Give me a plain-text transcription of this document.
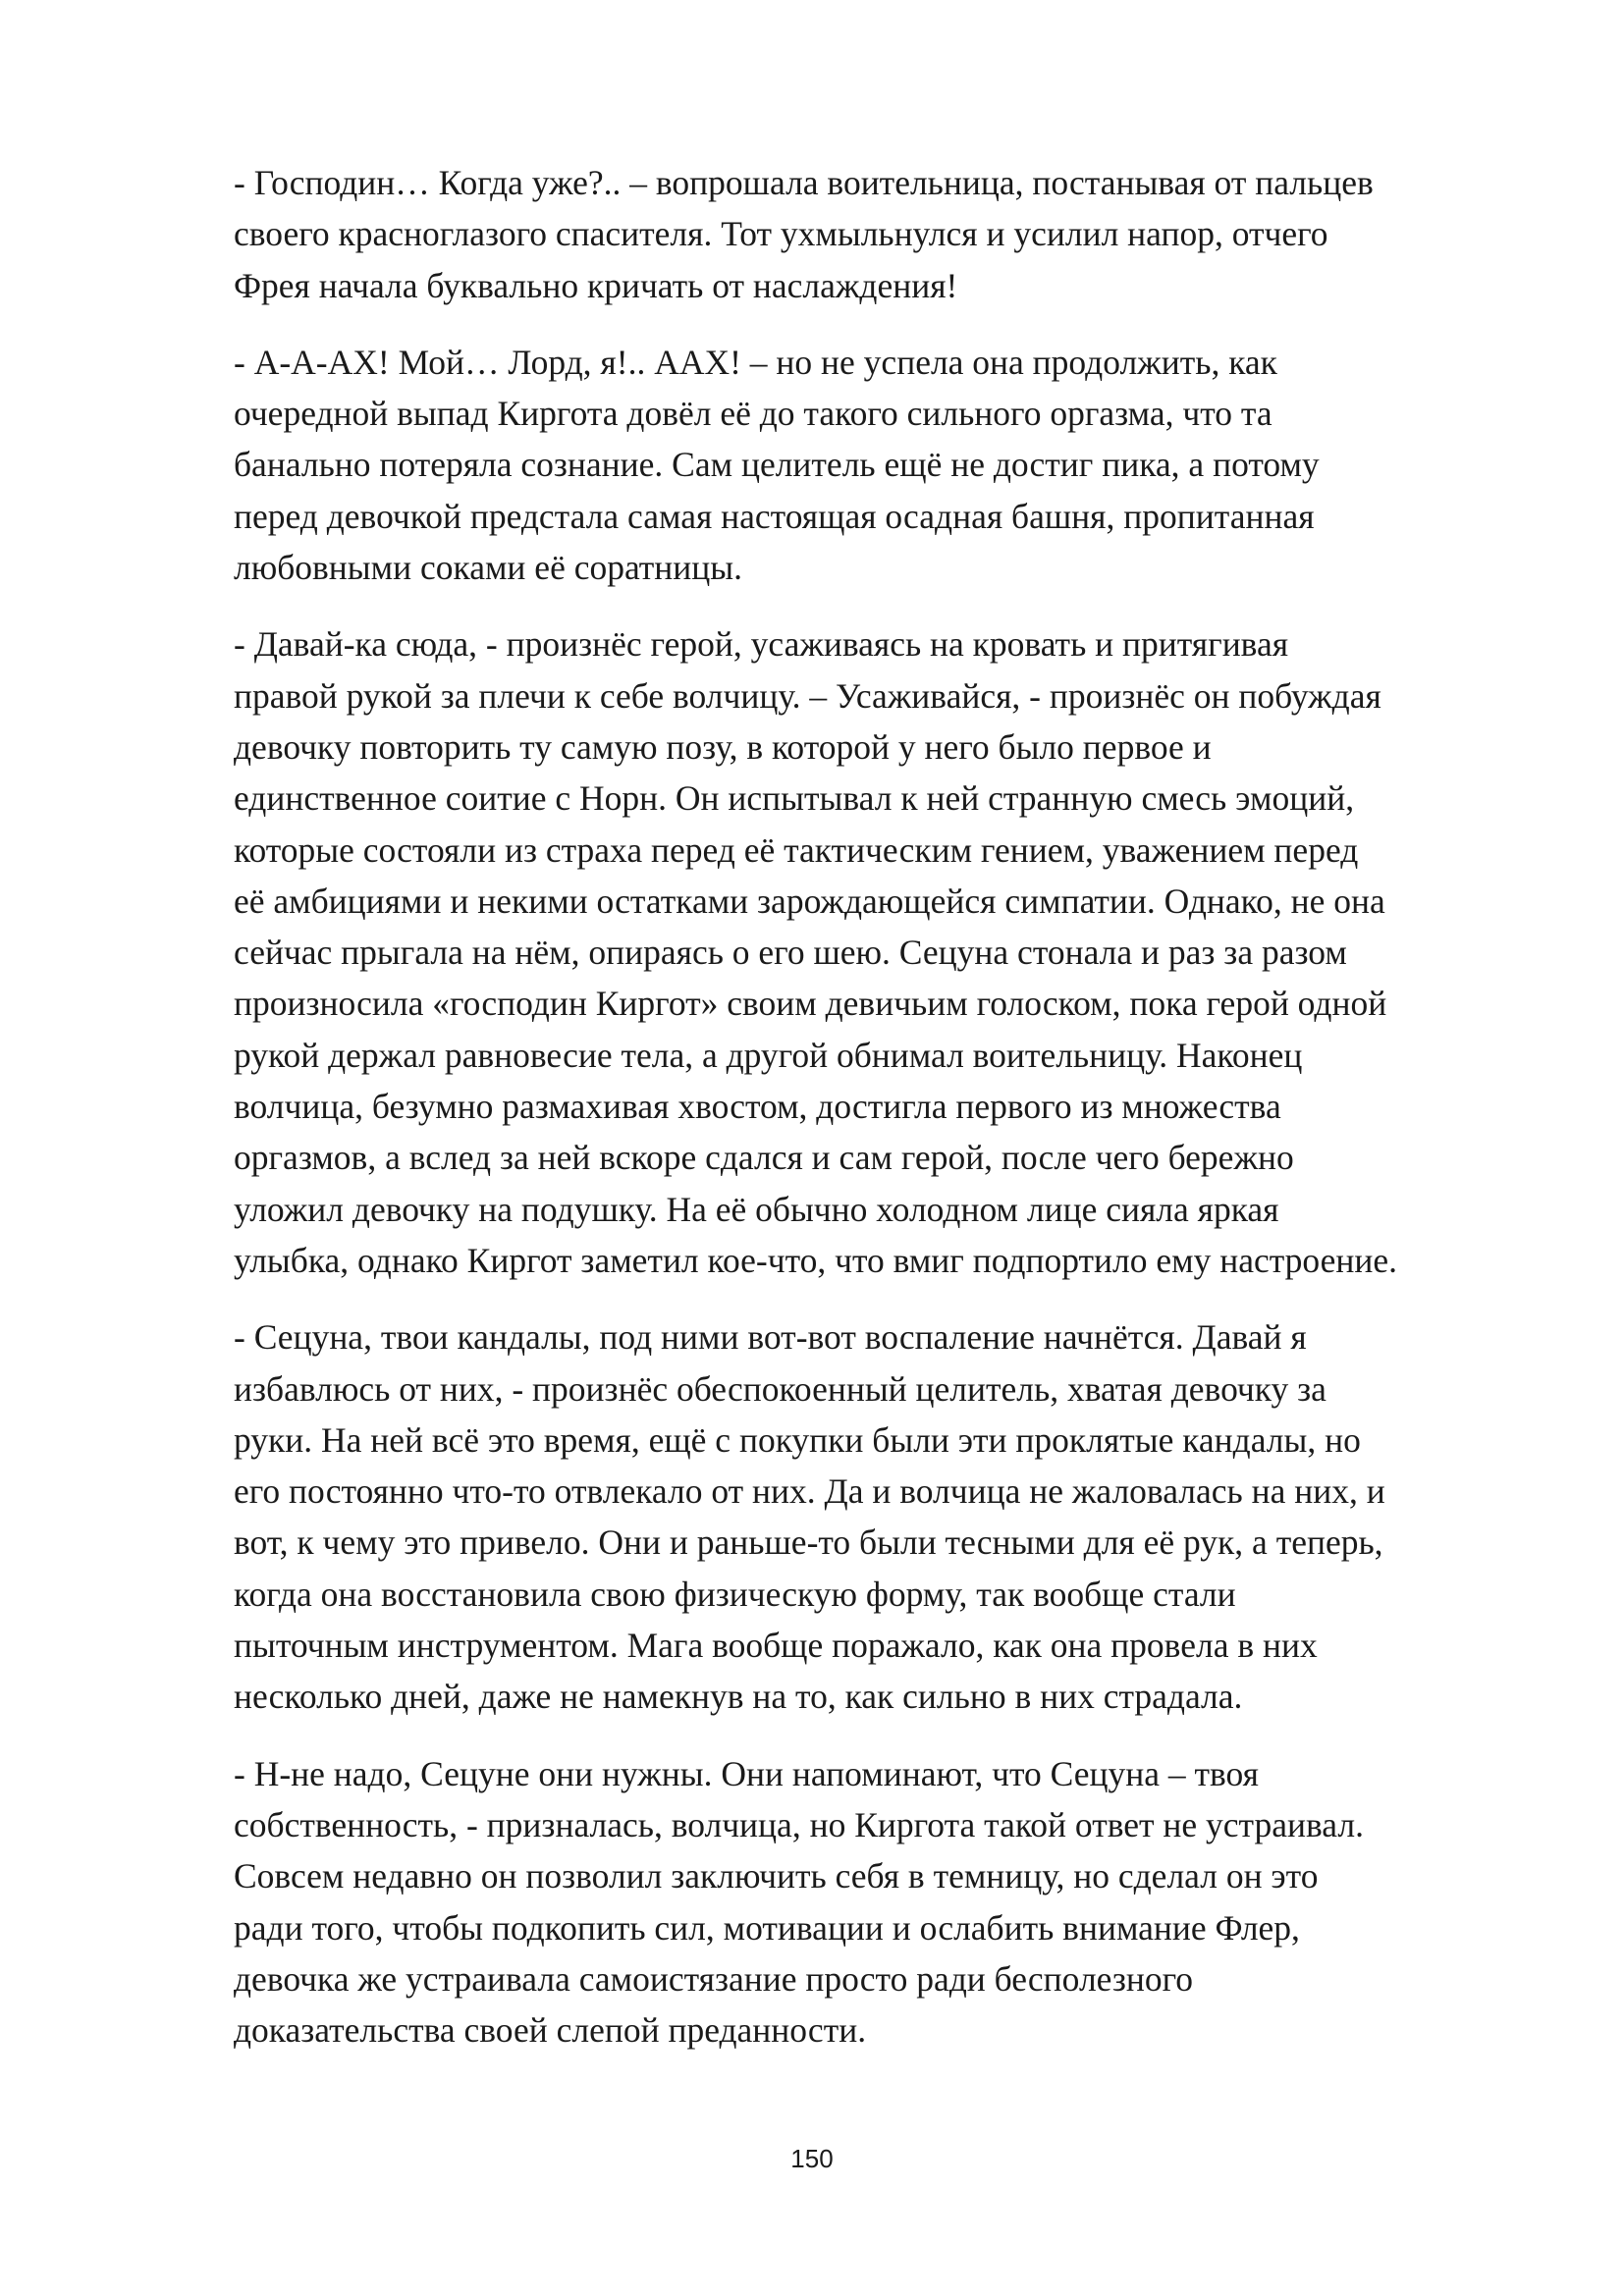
- Господин… Когда уже?.. – вопрошала воительница, постанывая от пальцев
своего красноглазого спасителя. Тот ухмыльнулся и усилил напор, отчего
Фрея начала буквально кричать от наслаждения!

- А-А-АХ! Мой… Лорд, я!.. ААХ! – но не успела она продолжить, как
очередной выпад Киргота довёл её до такого сильного оргазма, что та
банально потеряла сознание. Сам целитель ещё не достиг пика, а потому
перед девочкой предстала самая настоящая осадная башня, пропитанная
любовными соками её соратницы.

- Давай-ка сюда, - произнёс герой, усаживаясь на кровать и притягивая
правой рукой за плечи к себе волчицу. – Усаживайся, - произнёс он побуждая
девочку повторить ту самую позу, в которой у него было первое и
единственное соитие с Норн. Он испытывал к ней странную смесь эмоций,
которые состояли из страха перед её тактическим гением, уважением перед
её амбициями и некими остатками зарождающейся симпатии. Однако, не она
сейчас прыгала на нём, опираясь о его шею. Сецуна стонала и раз за разом
произносила «господин Киргот» своим девичьим голоском, пока герой одной
рукой держал равновесие тела, а другой обнимал воительницу. Наконец
волчица, безумно размахивая хвостом, достигла первого из множества
оргазмов, а вслед за ней вскоре сдался и сам герой, после чего бережно
уложил девочку на подушку. На её обычно холодном лице сияла яркая
улыбка, однако Киргот заметил кое-что, что вмиг подпортило ему настроение.

- Сецуна, твои кандалы, под ними вот-вот воспаление начнётся. Давай я
избавлюсь от них, - произнёс обеспокоенный целитель, хватая девочку за
руки. На ней всё это время, ещё с покупки были эти проклятые кандалы, но
его постоянно что-то отвлекало от них. Да и волчица не жаловалась на них, и
вот, к чему это привело. Они и раньше-то были тесными для её рук, а теперь,
когда она восстановила свою физическую форму, так вообще стали
пыточным инструментом. Мага вообще поражало, как она провела в них
несколько дней, даже не намекнув на то, как сильно в них страдала.

- Н-не надо, Сецуне они нужны. Они напоминают, что Сецуна – твоя
собственность, - призналась, волчица, но Киргота такой ответ не устраивал.
Совсем недавно он позволил заключить себя в темницу, но сделал он это
ради того, чтобы подкопить сил, мотивации и ослабить внимание Флер,
девочка же устраивала самоистязание просто ради бесполезного
доказательства своей слепой преданности.

150
